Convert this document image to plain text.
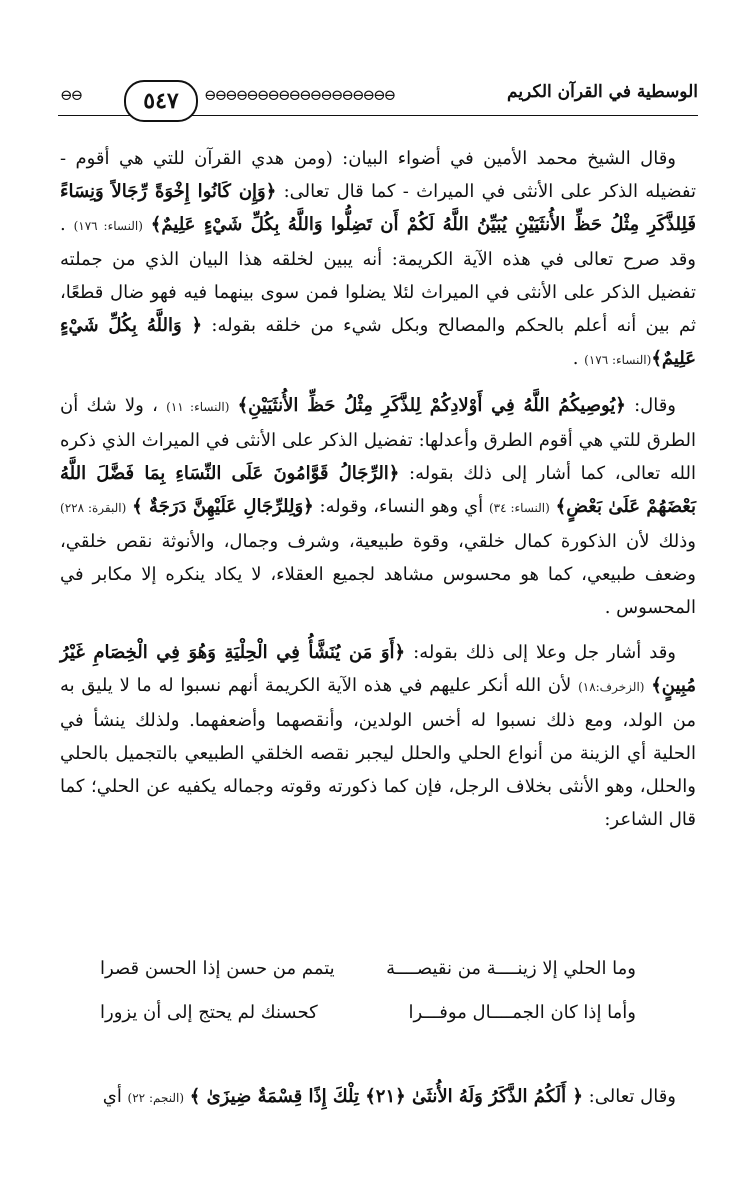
⊖⊖	٥٤٧	⊖⊖⊖⊖⊖⊖⊖⊖⊖⊖⊖⊖⊖⊖⊖⊖⊖⊖	الوسطية في القرآن الكريم

وقال الشيخ محمد الأمين في أضواء البيان: (ومن هدي القرآن للتي هي أقوم - تفضيله الذكر على الأنثى في الميراث - كما قال تعالى: ﴿وَإِن كَانُوا إِخْوَةً رِّجَالاً وَنِسَاءً فَلِلذَّكَرِ مِثْلُ حَظِّ الأُنثَيَيْنِ يُبَيِّنُ اللَّهُ لَكُمْ أَن تَضِلُّوا وَاللَّهُ بِكُلِّ شَيْءٍ عَلِيمٌ﴾ (النساء: ١٧٦) . وقد صرح تعالى في هذه الآية الكريمة: أنه يبين لخلقه هذا البيان الذي من جملته تفضيل الذكر على الأنثى في الميراث لئلا يضلوا فمن سوى بينهما فيه فهو ضال قطعًا، ثم بين أنه أعلم بالحكم والمصالح وبكل شيء من خلقه بقوله: ﴿ وَاللَّهُ بِكُلِّ شَيْءٍ عَلِيمٌ﴾(النساء: ١٧٦) .

وقال: ﴿يُوصِيكُمُ اللَّهُ فِي أَوْلادِكُمْ لِلذَّكَرِ مِثْلُ حَظِّ الأُنثَيَيْنِ﴾ (النساء: ١١) ، ولا شك أن الطرق للتي هي أقوم الطرق وأعدلها: تفضيل الذكر على الأنثى في الميراث الذي ذكره الله تعالى، كما أشار إلى ذلك بقوله: ﴿الرِّجَالُ قَوَّامُونَ عَلَى النِّسَاءِ بِمَا فَضَّلَ اللَّهُ بَعْضَهُمْ عَلَىٰ بَعْضٍ﴾ (النساء: ٣٤) أي وهو النساء، وقوله: ﴿وَلِلرِّجَالِ عَلَيْهِنَّ دَرَجَةٌ ﴾ (البقرة: ٢٢٨) وذلك لأن الذكورة كمال خلقي، وقوة طبيعية، وشرف وجمال، والأنوثة نقص خلقي، وضعف طبيعي، كما هو محسوس مشاهد لجميع العقلاء، لا يكاد ينكره إلا مكابر في المحسوس .

وقد أشار جل وعلا إلى ذلك بقوله: ﴿أَوَ مَن يُنَشَّأُ فِي الْحِلْيَةِ وَهُوَ فِي الْخِصَامِ غَيْرُ مُبِينٍ﴾ (الزخرف:١٨) لأن الله أنكر عليهم في هذه الآية الكريمة أنهم نسبوا له ما لا يليق به من الولد، ومع ذلك نسبوا له أخس الولدين، وأنقصهما وأضعفهما. ولذلك ينشأ في الحلية أي الزينة من أنواع الحلي والحلل ليجبر نقصه الخلقي الطبيعي بالتجميل بالحلي والحلل، وهو الأنثى بخلاف الرجل، فإن كما ذكورته وقوته وجماله يكفيه عن الحلي؛ كما قال الشاعر:

وما الحلي إلا زينــــة من نقيصــــة
يتمم من حسن إذا الحسن قصرا
وأما إذا كان الجمــــال موفـــرا
كحسنك لم يحتج إلى أن يزورا
وقال تعالى: ﴿ أَلَكُمُ الذَّكَرُ وَلَهُ الأُنثَىٰ ﴿٢١﴾ تِلْكَ إِذًا قِسْمَةٌ ضِيزَىٰ ﴾ (النجم: ٢٢) أي
